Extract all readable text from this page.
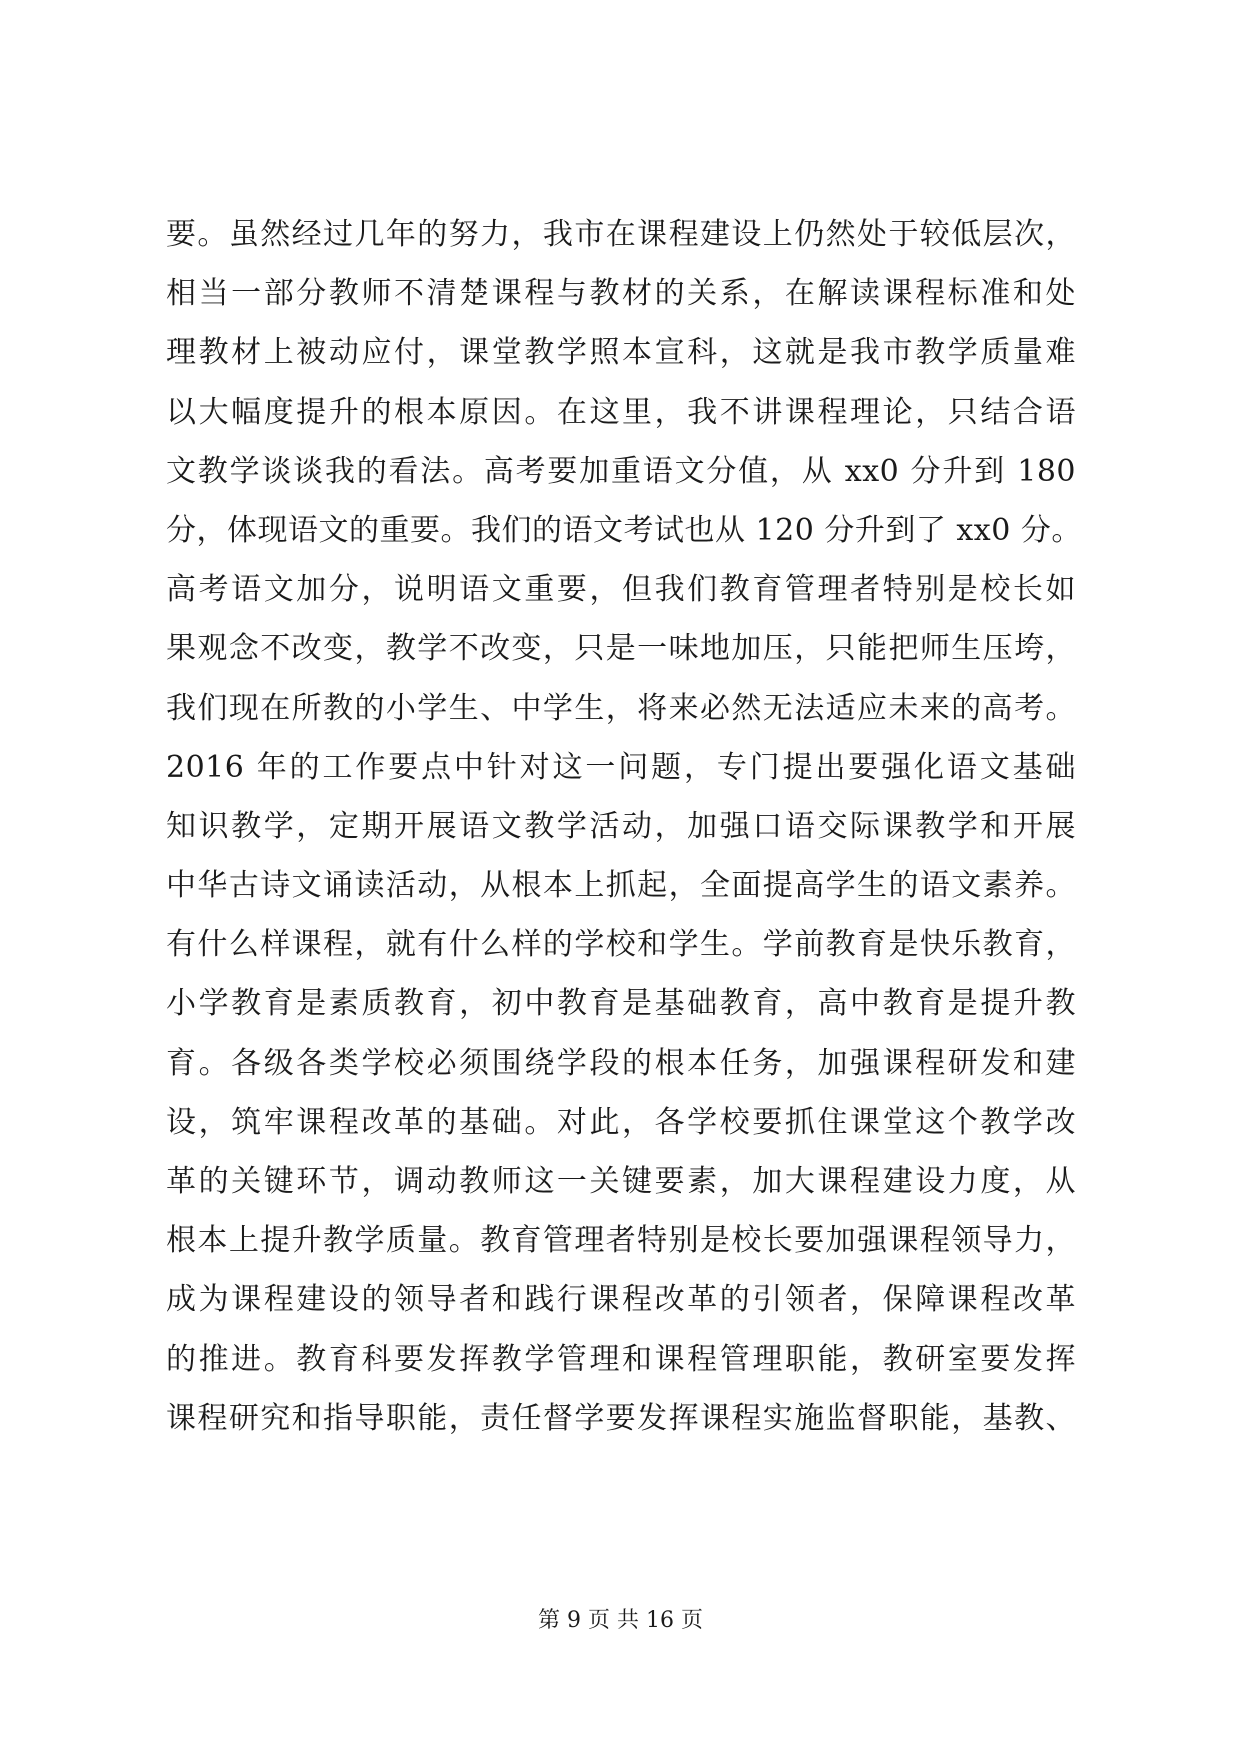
要。虽然经过几年的努力，我市在课程建设上仍然处于较低层次，
相当一部分教师不清楚课程与教材的关系，在解读课程标准和处
理教材上被动应付，课堂教学照本宣科，这就是我市教学质量难
以大幅度提升的根本原因。在这里，我不讲课程理论，只结合语
文教学谈谈我的看法。高考要加重语文分值，从 xx0 分升到 180
分，体现语文的重要。我们的语文考试也从 120 分升到了 xx0 分。
高考语文加分，说明语文重要，但我们教育管理者特别是校长如
果观念不改变，教学不改变，只是一味地加压，只能把师生压垮，
我们现在所教的小学生、中学生，将来必然无法适应未来的高考。
2016 年的工作要点中针对这一问题，专门提出要强化语文基础
知识教学，定期开展语文教学活动，加强口语交际课教学和开展
中华古诗文诵读活动，从根本上抓起，全面提高学生的语文素养。
有什么样课程，就有什么样的学校和学生。学前教育是快乐教育，
小学教育是素质教育，初中教育是基础教育，高中教育是提升教
育。各级各类学校必须围绕学段的根本任务，加强课程研发和建
设，筑牢课程改革的基础。对此，各学校要抓住课堂这个教学改
革的关键环节，调动教师这一关键要素，加大课程建设力度，从
根本上提升教学质量。教育管理者特别是校长要加强课程领导力，
成为课程建设的领导者和践行课程改革的引领者，保障课程改革
的推进。教育科要发挥教学管理和课程管理职能，教研室要发挥
课程研究和指导职能，责任督学要发挥课程实施监督职能，基教、
第 9 页 共 16 页
